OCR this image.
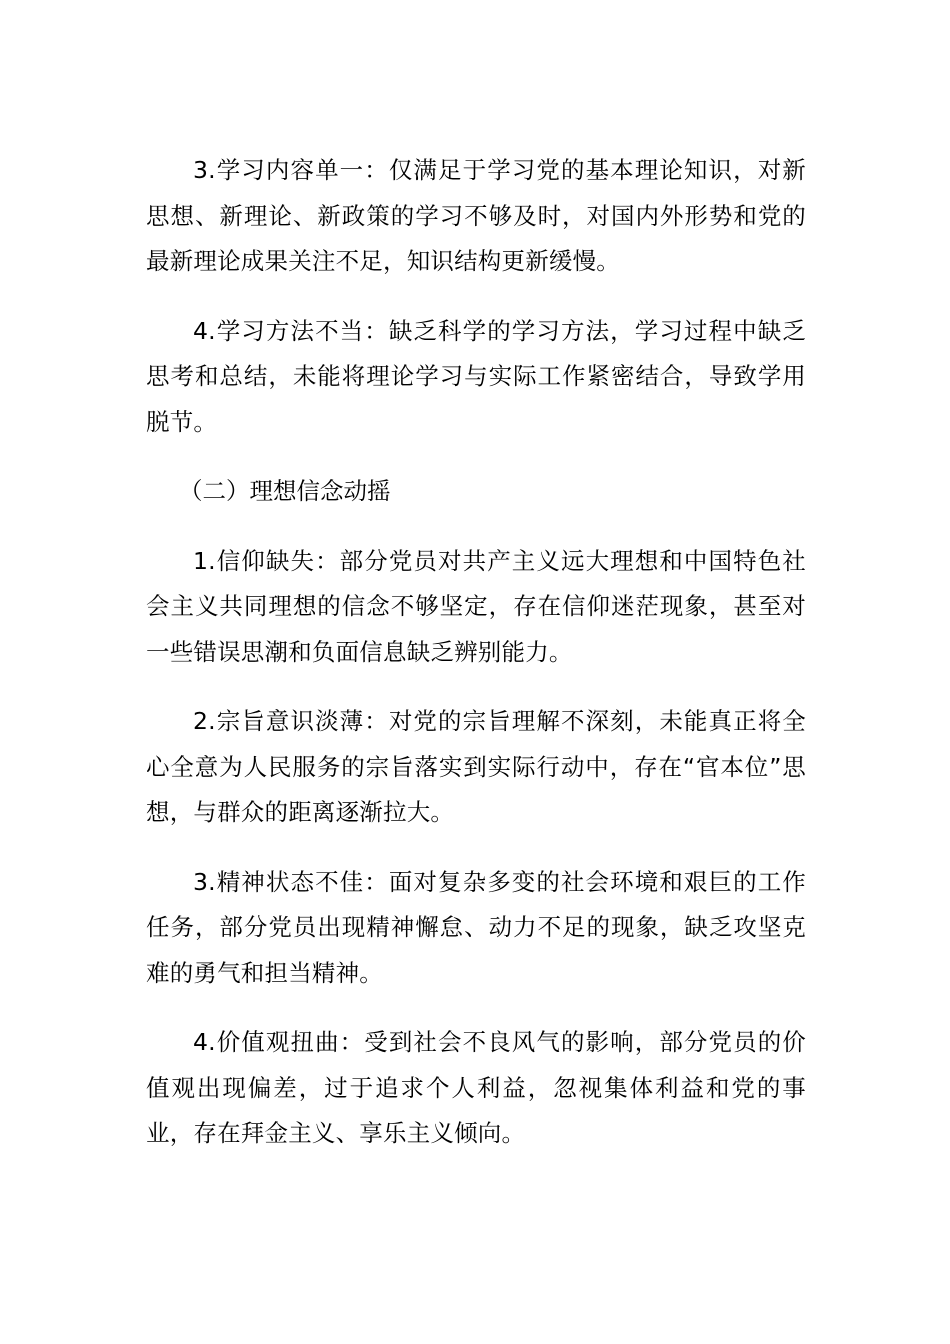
3.学习内容单一：仅满足于学习党的基本理论知识，对新思想、新理论、新政策的学习不够及时，对国内外形势和党的最新理论成果关注不足，知识结构更新缓慢。

4.学习方法不当：缺乏科学的学习方法，学习过程中缺乏思考和总结，未能将理论学习与实际工作紧密结合，导致学用脱节。

（二）理想信念动摇

1.信仰缺失：部分党员对共产主义远大理想和中国特色社会主义共同理想的信念不够坚定，存在信仰迷茫现象，甚至对一些错误思潮和负面信息缺乏辨别能力。

2.宗旨意识淡薄：对党的宗旨理解不深刻，未能真正将全心全意为人民服务的宗旨落实到实际行动中，存在“官本位”思想，与群众的距离逐渐拉大。

3.精神状态不佳：面对复杂多变的社会环境和艰巨的工作任务，部分党员出现精神懈怠、动力不足的现象，缺乏攻坚克难的勇气和担当精神。

4.价值观扭曲：受到社会不良风气的影响，部分党员的价值观出现偏差，过于追求个人利益，忽视集体利益和党的事业，存在拜金主义、享乐主义倾向。
